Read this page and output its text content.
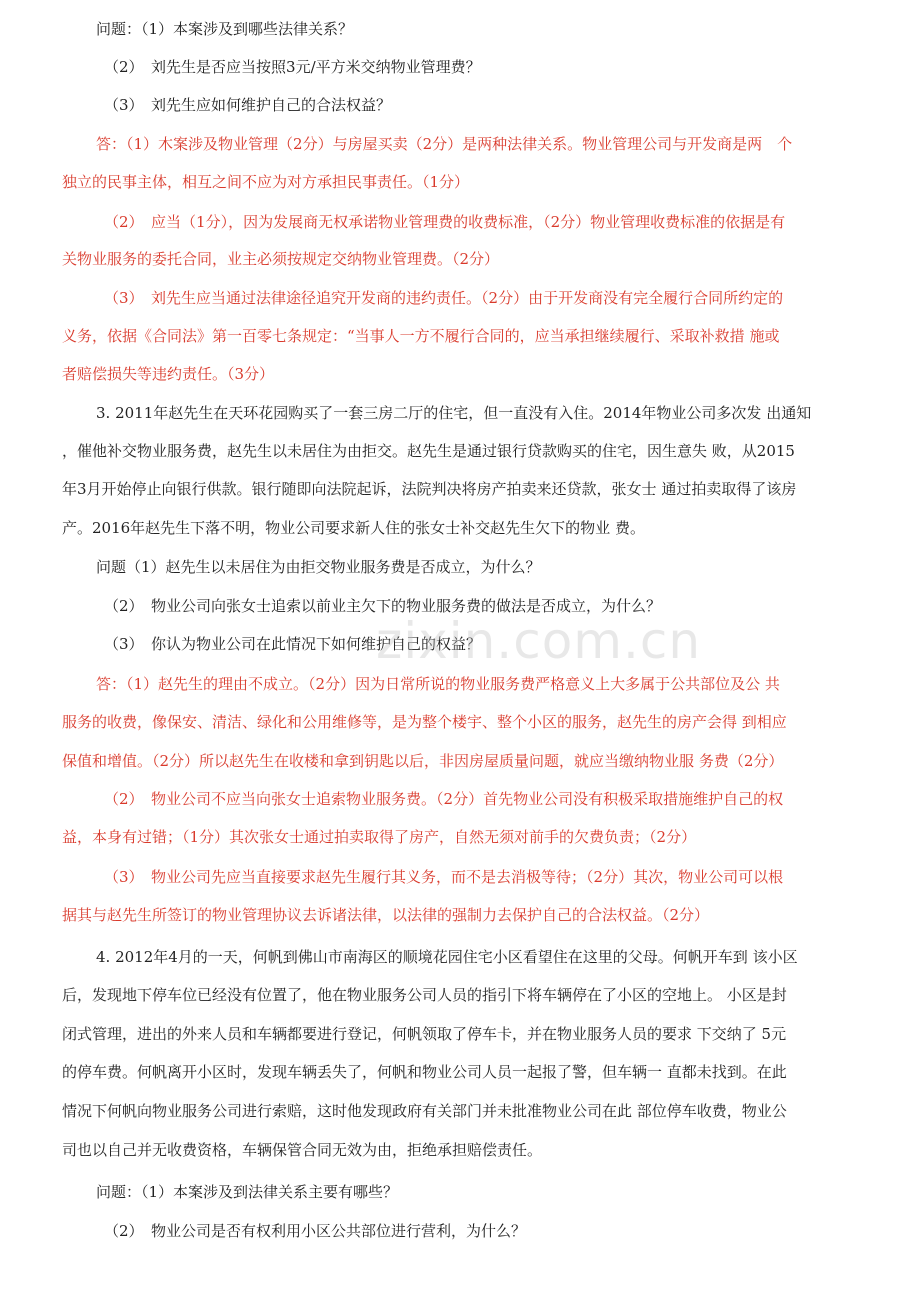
问题：（1）本案涉及到哪些法律关系？
（2）　刘先生是否应当按照3元/平方米交纳物业管理费？
（3）　刘先生应如何维护自己的合法权益？
答：（1）木案涉及物业管理（2分）与房屋买卖（2分）是两种法律关系。物业管理公司与开发商是两　个
独立的民事主体，相互之间不应为对方承担民事责任。（1分）
（2）　应当（1分），因为发展商无权承诺物业管理费的收费标准，（2分）物业管理收费标准的依据是有
关物业服务的委托合同，业主必须按规定交纳物业管理费。（2分）
（3）　刘先生应当通过法律途径追究开发商的违约责任。（2分）由于开发商没有完全履行合同所约定的
义务，依据《合同法》第一百零七条规定：“当事人一方不履行合同的，应当承担继续履行、采取补救措 施或
者赔偿损失等违约责任。（3分）
3. 2011年赵先生在天环花园购买了一套三房二厅的住宅，但一直没有入住。2014年物业公司多次发 出通知
，催他补交物业服务费，赵先生以未居住为由拒交。赵先生是通过银行贷款购买的住宅，因生意失 败，从2015
年3月开始停止向银行供款。银行随即向法院起诉，法院判决将房产拍卖来还贷款，张女士 通过拍卖取得了该房
产。2016年赵先生下落不明，物业公司要求新人住的张女士补交赵先生欠下的物业 费。
问题（1）赵先生以未居住为由拒交物业服务费是否成立，为什么？
（2）　物业公司向张女士追索以前业主欠下的物业服务费的做法是否成立，为什么？
（3）　你认为物业公司在此情况下如何维护自己的权益？
答：（1）赵先生的理由不成立。（2分）因为日常所说的物业服务费严格意义上大多属于公共部位及公 共
服务的收费，像保安、清洁、绿化和公用维修等，是为整个楼宇、整个小区的服务，赵先生的房产会得 到相应
保值和增值。（2分）所以赵先生在收楼和拿到钥匙以后，非因房屋质量问题，就应当缴纳物业服 务费（2分）
（2）　物业公司不应当向张女士追索物业服务费。（2分）首先物业公司没有积极采取措施维护自己的权
益，本身有过错；（1分）其次张女士通过拍卖取得了房产，自然无须对前手的欠费负责；（2分）
（3）　物业公司先应当直接要求赵先生履行其义务，而不是去消极等待；（2分）其次，物业公司可以根
据其与赵先生所签订的物业管理协议去诉诸法律，以法律的强制力去保护自己的合法权益。（2分）
4. 2012年4月的一天，何帆到佛山市南海区的顺境花园住宅小区看望住在这里的父母。何帆开车到 该小区
后，发现地下停车位已经没有位置了，他在物业服务公司人员的指引下将车辆停在了小区的空地上。 小区是封
闭式管理，进出的外来人员和车辆都要进行登记，何帆领取了停车卡，并在物业服务人员的要求 下交纳了 5元
的停车费。何帆离开小区时，发现车辆丢失了，何帆和物业公司人员一起报了警，但车辆一 直都未找到。在此
情况下何帆向物业服务公司进行索赔，这时他发现政府有关部门并未批准物业公司在此 部位停车收费，物业公
司也以自己并无收费资格，车辆保管合同无效为由，拒绝承担赔偿责任。
问题：（1）本案涉及到法律关系主要有哪些？
（2）　物业公司是否有权利用小区公共部位进行营利，为什么？
zixin.com.cn
